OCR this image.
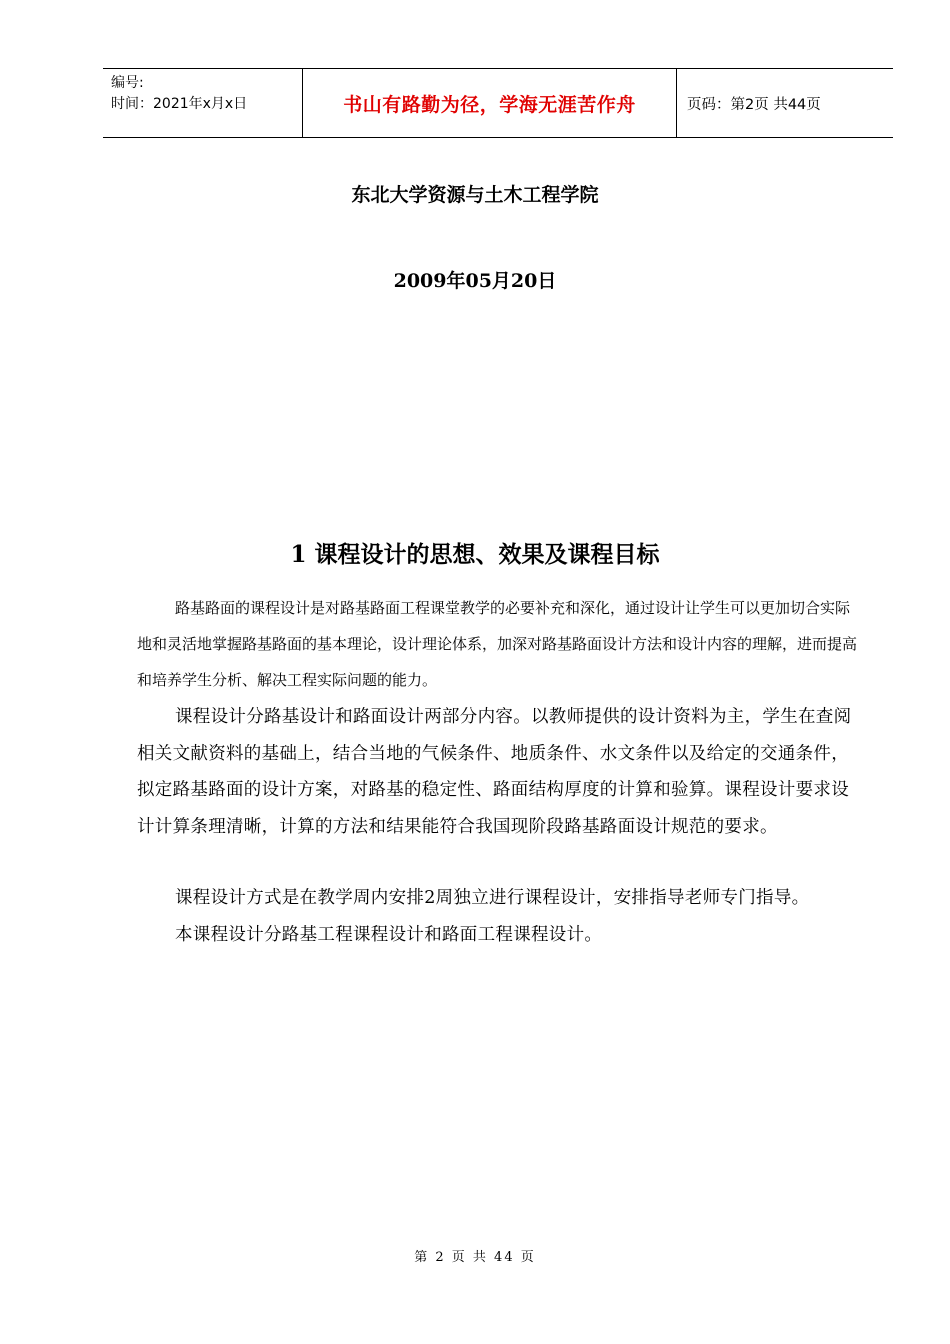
编号:
时间：2021年x月x日	书山有路勤为径，学海无涯苦作舟	页码：第2页 共44页
东北大学资源与土木工程学院
2009年05月20日
1 课程设计的思想、效果及课程目标

路基路面的课程设计是对路基路面工程课堂教学的必要补充和深化，通过设计让学生可以更加切合实际地和灵活地掌握路基路面的基本理论，设计理论体系，加深对路基路面设计方法和设计内容的理解，进而提高和培养学生分析、解决工程实际问题的能力。

课程设计分路基设计和路面设计两部分内容。以教师提供的设计资料为主，学生在查阅相关文献资料的基础上，结合当地的气候条件、地质条件、水文条件以及给定的交通条件，拟定路基路面的设计方案，对路基的稳定性、路面结构厚度的计算和验算。课程设计要求设计计算条理清晰，计算的方法和结果能符合我国现阶段路基路面设计规范的要求。

课程设计方式是在教学周内安排2周独立进行课程设计，安排指导老师专门指导。

本课程设计分路基工程课程设计和路面工程课程设计。

第 2 页 共 44 页
